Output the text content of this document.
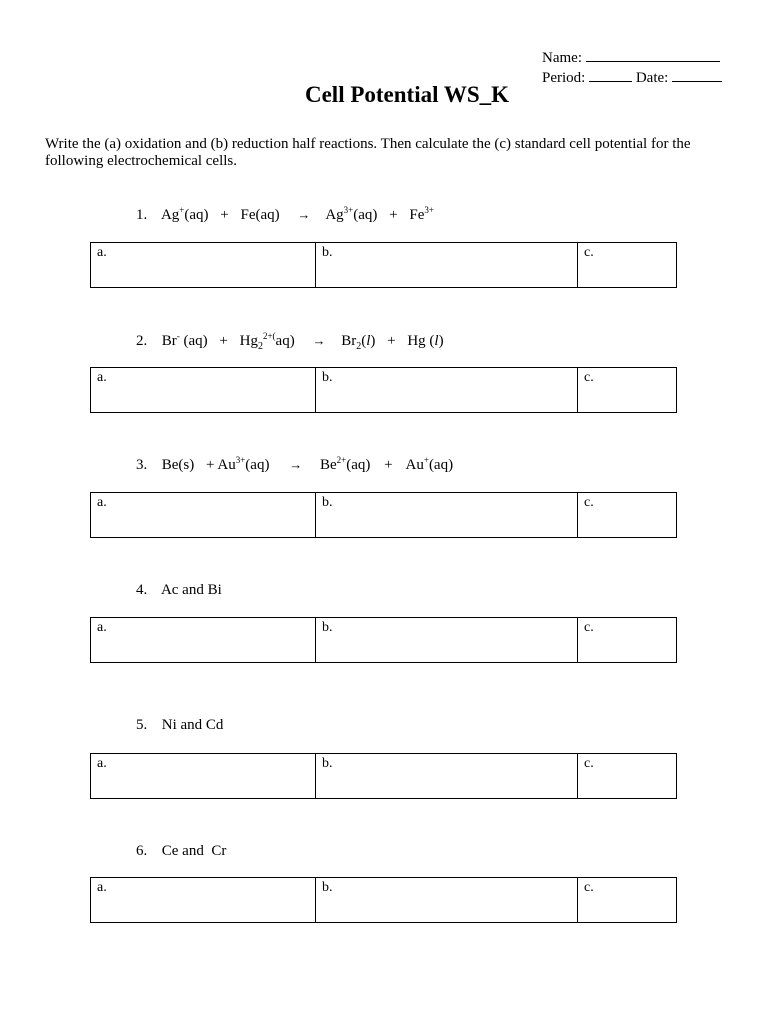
Name:
Period:	Date:
Cell Potential WS_K
Write the (a) oxidation and (b) reduction half reactions. Then calculate the (c) standard cell potential for the following electrochemical cells.
1. $Ag^+(aq) + Fe(aq) \to Ag^{3+}(aq) + Fe^{3+}$
a.	b.	c.
2. Br- $(aq) + Hg_2^{2+(}aq) \to Br_2(l) + Hg$ (l)
a.	b.	c.
3. $Be(s) + Au^{3+}(aq) \to Be^{2+}(aq) + Au^+(aq)$
a.	b.	c.
4. Ac and Bi
a.	b.	c.
5. Ni and Cd
a.	b.	c.
6. Ce and  Cr
a.	b.	c.
